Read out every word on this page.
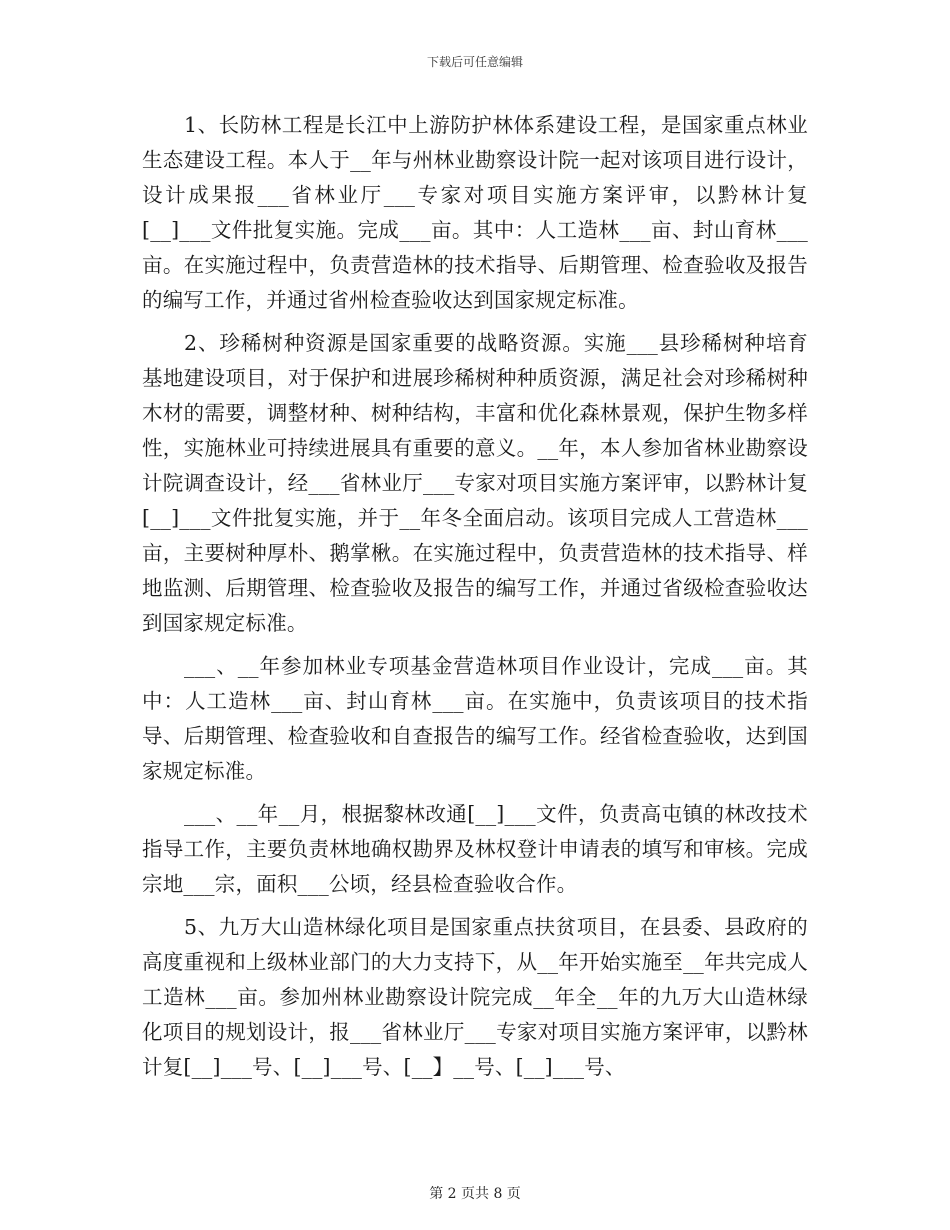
下载后可任意编辑

1、长防林工程是长江中上游防护林体系建设工程，是国家重点林业生态建设工程。本人于__年与州林业勘察设计院一起对该项目进行设计，设计成果报___省林业厅___专家对项目实施方案评审，以黔林计复[__]___文件批复实施。完成___亩。其中：人工造林___亩、封山育林___亩。在实施过程中，负责营造林的技术指导、后期管理、检查验收及报告的编写工作，并通过省州检查验收达到国家规定标准。

2、珍稀树种资源是国家重要的战略资源。实施___县珍稀树种培育基地建设项目，对于保护和进展珍稀树种种质资源，满足社会对珍稀树种木材的需要，调整材种、树种结构，丰富和优化森林景观，保护生物多样性，实施林业可持续进展具有重要的意义。__年，本人参加省林业勘察设计院调查设计，经___省林业厅___专家对项目实施方案评审，以黔林计复[__]___文件批复实施，并于__年冬全面启动。该项目完成人工营造林___亩，主要树种厚朴、鹅掌楸。在实施过程中，负责营造林的技术指导、样地监测、后期管理、检查验收及报告的编写工作，并通过省级检查验收达到国家规定标准。

___、__年参加林业专项基金营造林项目作业设计，完成___亩。其中：人工造林___亩、封山育林___亩。在实施中，负责该项目的技术指导、后期管理、检查验收和自查报告的编写工作。经省检查验收，达到国家规定标准。

___、__年__月，根据黎林改通[__]___文件，负责高屯镇的林改技术指导工作，主要负责林地确权勘界及林权登计申请表的填写和审核。完成宗地___宗，面积___公顷，经县检查验收合作。

5、九万大山造林绿化项目是国家重点扶贫项目，在县委、县政府的高度重视和上级林业部门的大力支持下，从__年开始实施至__年共完成人工造林___亩。参加州林业勘察设计院完成__年全__年的九万大山造林绿化项目的规划设计，报___省林业厅___专家对项目实施方案评审，以黔林计复[__]___号、[__]___号、[__】__号、[__]___号、

第 2 页共 8 页
